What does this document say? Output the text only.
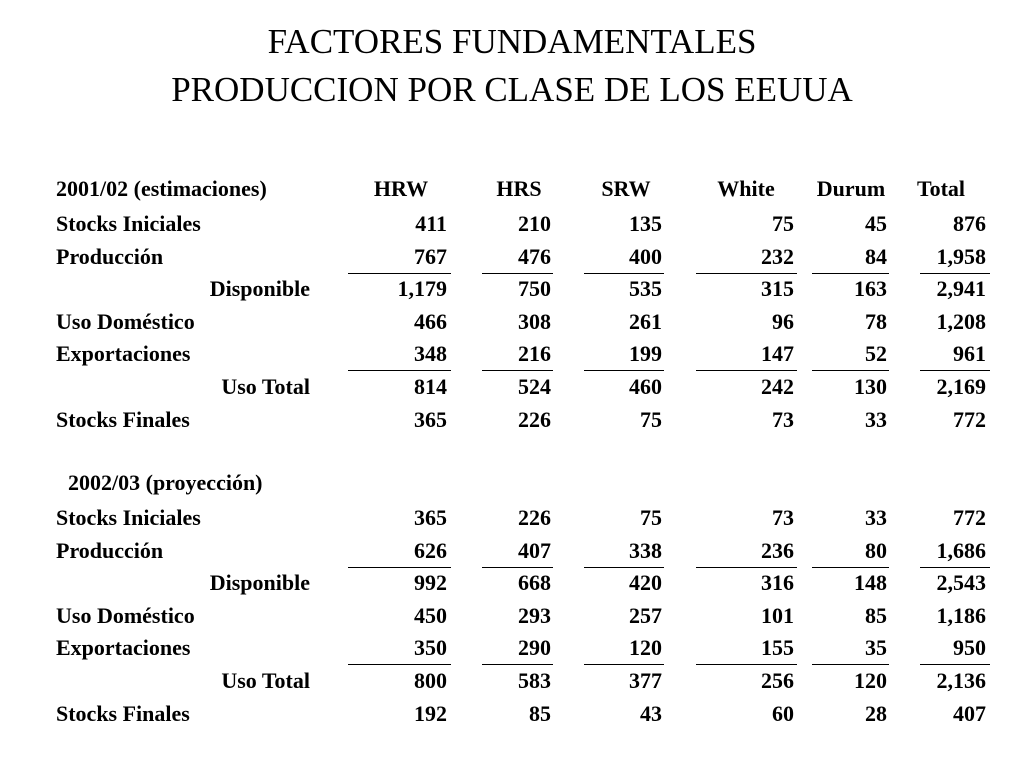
FACTORES FUNDAMENTALES
PRODUCCION POR CLASE DE LOS EEUUA
2001/02 (estimaciones)	HRW	HRS	SRW	White	Durum	Total
Stocks Iniciales	411	210	135	75	45	876
Producción	767	476	400	232	84	1,958
Disponible	1,179	750	535	315	163	2,941
Uso Doméstico	466	308	261	96	78	1,208
Exportaciones	348	216	199	147	52	961
Uso Total	814	524	460	242	130	2,169
Stocks Finales	365	226	75	73	33	772
2002/03 (proyección)
Stocks Iniciales	365	226	75	73	33	772
Producción	626	407	338	236	80	1,686
Disponible	992	668	420	316	148	2,543
Uso Doméstico	450	293	257	101	85	1,186
Exportaciones	350	290	120	155	35	950
Uso Total	800	583	377	256	120	2,136
Stocks Finales	192	85	43	60	28	407
